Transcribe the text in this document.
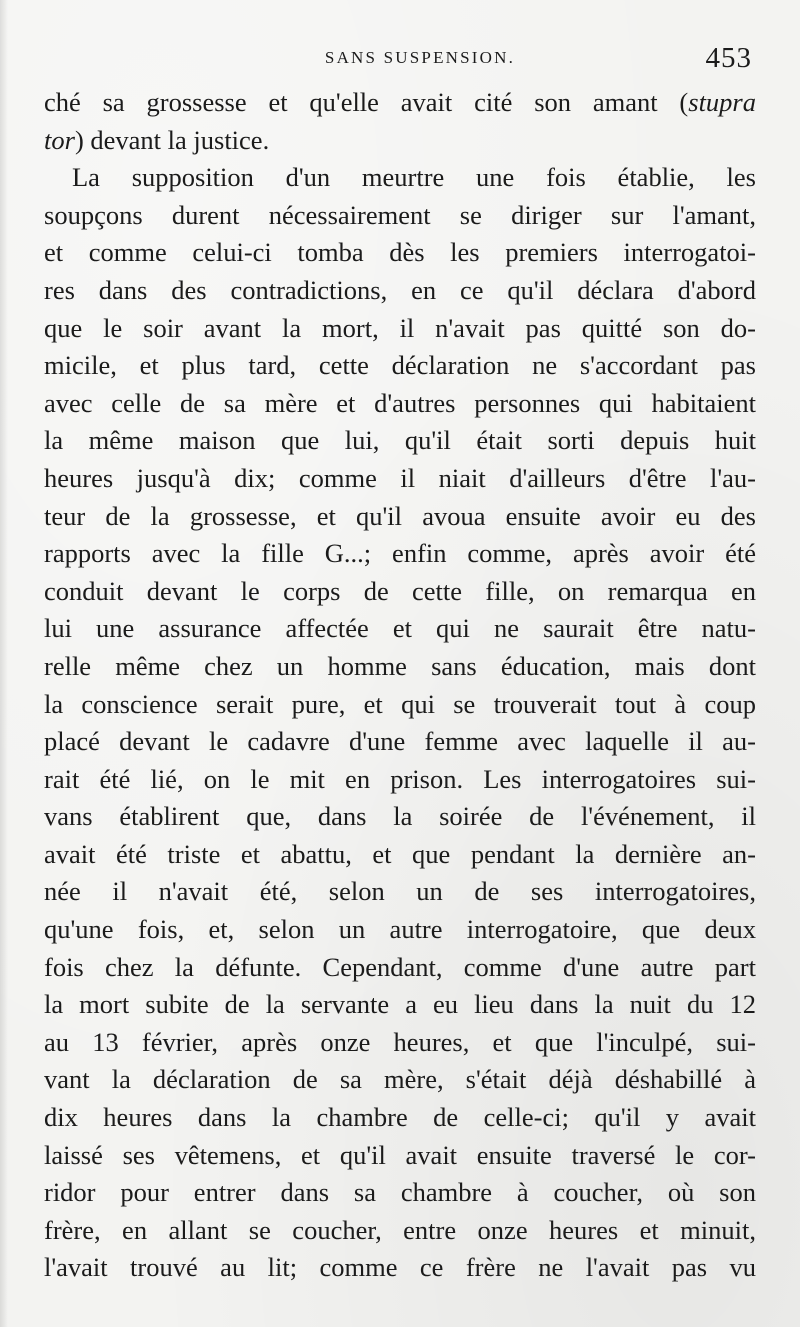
SANS SUSPENSION.	453
ché sa grossesse et qu'elle avait cité son amant (stupra
tor) devant la justice.
La supposition d'un meurtre une fois établie, les
soupçons durent nécessairement se diriger sur l'amant,
et comme celui-ci tomba dès les premiers interrogatoi-
res dans des contradictions, en ce qu'il déclara d'abord
que le soir avant la mort, il n'avait pas quitté son do-
micile, et plus tard, cette déclaration ne s'accordant pas
avec celle de sa mère et d'autres personnes qui habitaient
la même maison que lui, qu'il était sorti depuis huit
heures jusqu'à dix; comme il niait d'ailleurs d'être l'au-
teur de la grossesse, et qu'il avoua ensuite avoir eu des
rapports avec la fille G...; enfin comme, après avoir été
conduit devant le corps de cette fille, on remarqua en
lui une assurance affectée et qui ne saurait être natu-
relle même chez un homme sans éducation, mais dont
la conscience serait pure, et qui se trouverait tout à coup
placé devant le cadavre d'une femme avec laquelle il au-
rait été lié, on le mit en prison. Les interrogatoires sui-
vans établirent que, dans la soirée de l'événement, il
avait été triste et abattu, et que pendant la dernière an-
née il n'avait été, selon un de ses interrogatoires,
qu'une fois, et, selon un autre interrogatoire, que deux
fois chez la défunte. Cependant, comme d'une autre part
la mort subite de la servante a eu lieu dans la nuit du 12
au 13 février, après onze heures, et que l'inculpé, sui-
vant la déclaration de sa mère, s'était déjà déshabillé à
dix heures dans la chambre de celle-ci; qu'il y avait
laissé ses vêtemens, et qu'il avait ensuite traversé le cor-
ridor pour entrer dans sa chambre à coucher, où son
frère, en allant se coucher, entre onze heures et minuit,
l'avait trouvé au lit; comme ce frère ne l'avait pas vu
